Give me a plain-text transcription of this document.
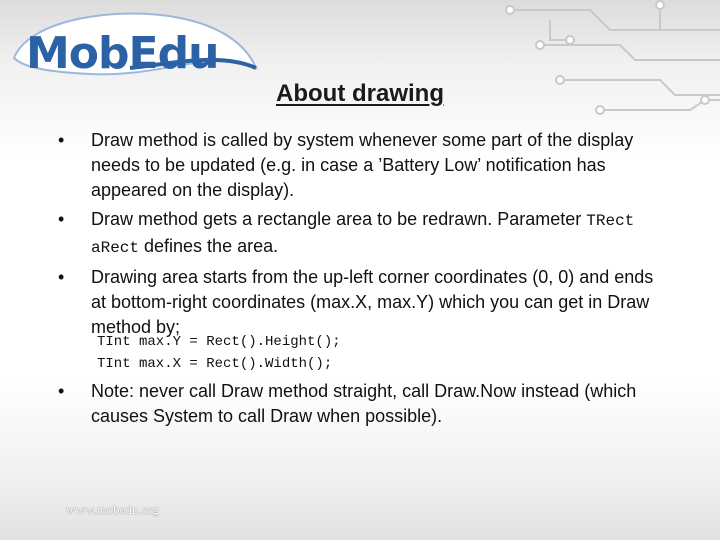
MobEdu
About drawing
• Draw method is called by system whenever some part of the display needs to be updated (e.g. in case a ’Battery Low’ notification has appeared on the display).
• Draw method gets a rectangle area to be redrawn. Parameter TRect aRect defines the area.
• Drawing area starts from the up-left corner coordinates (0, 0) and ends at bottom-right coordinates (max.X, max.Y) which you can get in Draw method by;
TInt max.Y = Rect().Height();
TInt max.X = Rect().Width();
• Note: never call Draw method straight, call Draw.Now instead (which causes System to call Draw when possible).
www.mobedu.org
